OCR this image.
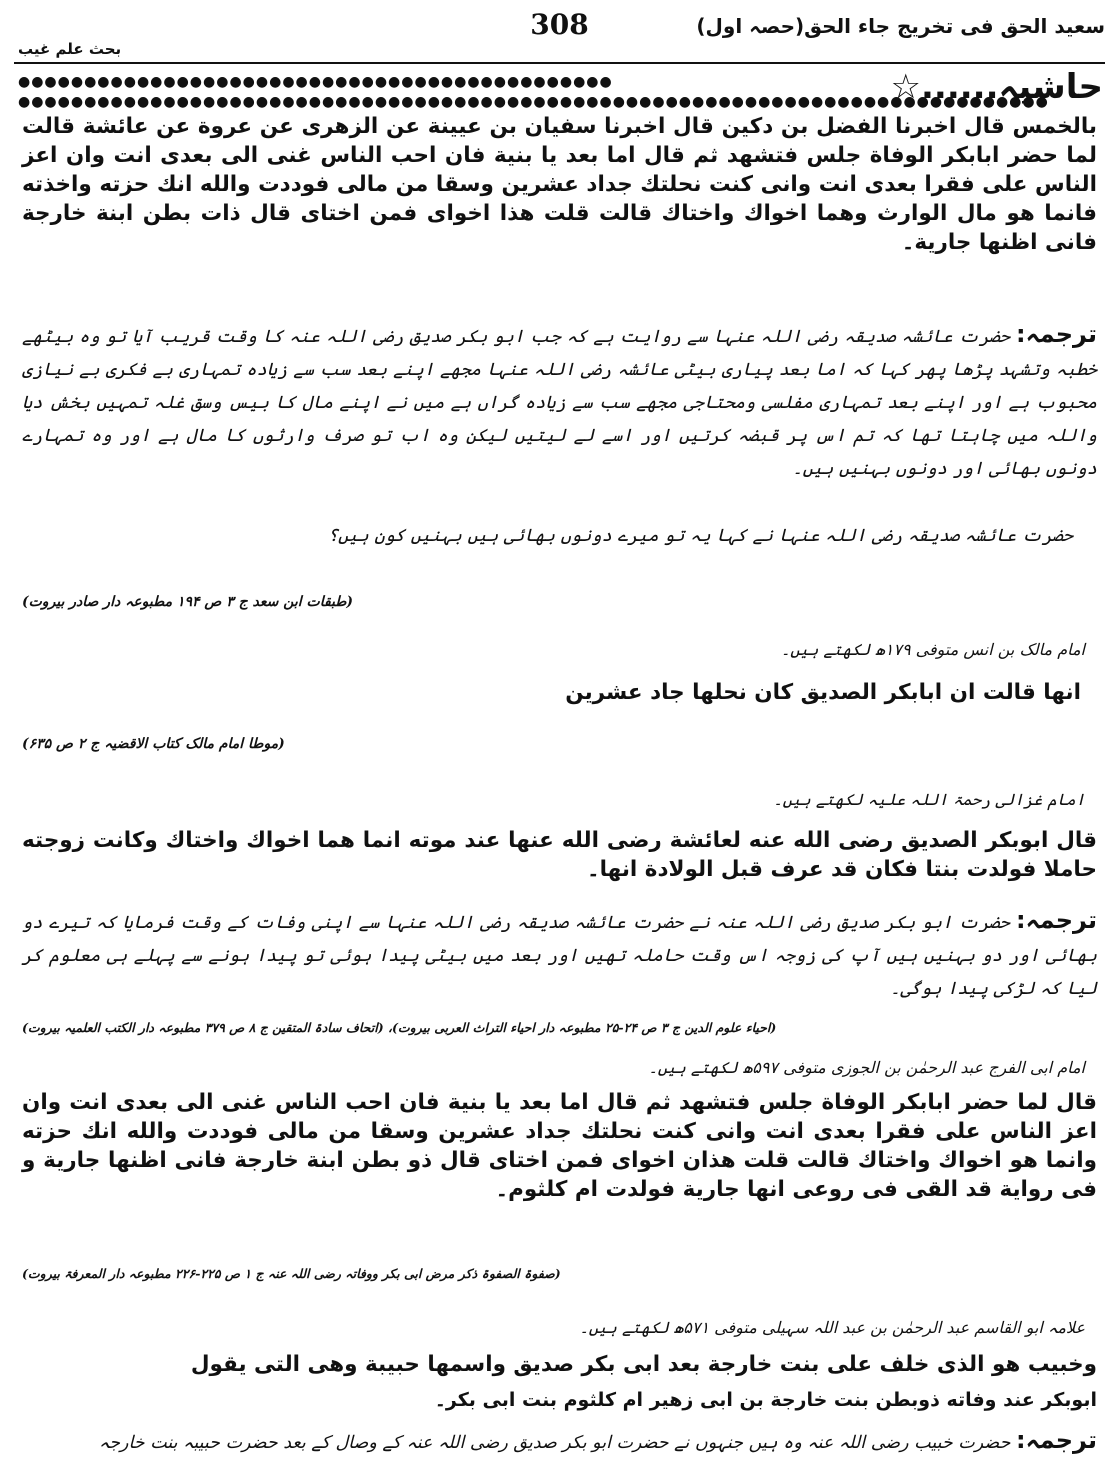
سعید الحق فی تخریج جاء الحق(حصہ اول)
308
بحث علم غیب
حاشیہ......☆
●●●●●●●●●●●●●●●●●●●●●●●●●●●●●●●●●●●●●●●●●●●●●
●●●●●●●●●●●●●●●●●●●●●●●●●●●●●●●●●●●●●●●●●●●●●●●●●●●●●●●●●●●●●●●●●●●●●●●●●●●●●●
بالخمس قال اخبرنا الفضل بن دكين قال اخبرنا سفيان بن عيينة عن الزهرى عن عروة عن عائشة قالت لما حضر ابابكر الوفاة جلس فتشهد ثم قال اما بعد يا بنية فان احب الناس غنى الى بعدى انت وان اعز الناس على فقرا بعدى انت وانى كنت نحلتك جداد عشرين وسقا من مالى فوددت والله انك حزته واخذته فانما هو مال الوارث وهما اخواك واختاك قالت قلت هذا اخواى فمن اختاى قال ذات بطن ابنة خارجة فانى اظنها جارية۔
ترجمہ: حضرت عائشہ صدیقہ رضی اللہ عنہا سے روایت ہے کہ جب ابو بکر صدیق رضی اللہ عنہ کا وقت قریب آیا تو وہ بیٹھے خطبہ وتشہد پڑھا پھر کہا کہ اما بعد پیاری بیٹی عائشہ رضی اللہ عنہا مجھے اپنے بعد سب سے زیادہ تمہاری بے فکری بے نیازی محبوب ہے اور اپنے بعد تمہاری مفلسی ومحتاجی مجھے سب سے زیادہ گراں ہے میں نے اپنے مال کا بیس وسق غلہ تمہیں بخش دیا واللہ میں چاہتا تھا کہ تم اس پر قبضہ کرتیں اور اسے لے لیتیں لیکن وہ اب تو صرف وارثوں کا مال ہے اور وہ تمہارے دونوں بھائی اور دونوں بہنیں ہیں۔
حضرت عائشہ صدیقہ رضی اللہ عنہا نے کہا یہ تو میرے دونوں بھائی ہیں بہنیں کون ہیں؟
(طبقات ابن سعد ج ۳ ص ۱۹۴ مطبوعہ دار صادر بیروت)
امام مالک بن انس متوفی ۱۷۹ھ لکھتے ہیں۔
انها قالت ان ابابكر الصديق كان نحلها جاد عشرين
(موطا امام مالک کتاب الاقضیہ ج ۲ ص ۶۳۵)
امام غزالی رحمۃ اللہ علیہ لکھتے ہیں۔
قال ابوبكر الصديق رضى الله عنه لعائشة رضى الله عنها عند موته انما هما اخواك واختاك وكانت زوجته حاملا فولدت بنتا فكان قد عرف قبل الولادة انها۔
ترجمہ: حضرت ابو بکر صدیق رضی اللہ عنہ نے حضرت عائشہ صدیقہ رضی اللہ عنہا سے اپنی وفات کے وقت فرمایا کہ تیرے دو بھائی اور دو بہنیں ہیں آپ کی زوجہ اس وقت حاملہ تھیں اور بعد میں بیٹی پیدا ہوئی تو پیدا ہونے سے پہلے ہی معلوم کر لیا کہ لڑکی پیدا ہوگی۔
(احیاء علوم الدین ج ۳ ص ۲۴-۲۵ مطبوعہ دار احیاء التراث العربی بیروت)، (اتحاف سادۃ المتقین ج ۸ ص ۳۷۹ مطبوعہ دار الکتب العلمیہ بیروت)
امام ابی الفرج عبد الرحمٰن بن الجوزی متوفی ۵۹۷ھ لکھتے ہیں۔
قال لما حضر ابابكر الوفاة جلس فتشهد ثم قال اما بعد يا بنية فان احب الناس غنى الى بعدى انت وان اعز الناس على فقرا بعدى انت وانى كنت نحلتك جداد عشرين وسقا من مالى فوددت والله انك حزته وانما هو اخواك واختاك قالت قلت هذان اخواى فمن اختاى قال ذو بطن ابنة خارجة فانى اظنها جارية و فى رواية قد القى فى روعى انها جارية فولدت ام كلثوم۔
(صفوۃ الصفوۃ ذکر مرض ابی بکر ووفاتہ رضی اللہ عنہ ج ۱ ص ۲۲۵-۲۲۶ مطبوعہ دار المعرفۃ بیروت)
علامہ ابو القاسم عبد الرحمٰن بن عبد اللہ سہیلی متوفی ۵۷۱ھ لکھتے ہیں۔
وخبيب هو الذى خلف على بنت خارجة بعد ابى بكر صديق واسمها حبيبة وهى التى يقول
ابوبكر عند وفاته ذوبطن بنت خارجة بن ابى زهير ام كلثوم بنت ابى بكر۔
ترجمہ: حضرت خبیب رضی اللہ عنہ وہ ہیں جنہوں نے حضرت ابو بکر صدیق رضی اللہ عنہ کے وصال کے بعد حضرت حبیبہ بنت خارجہ
